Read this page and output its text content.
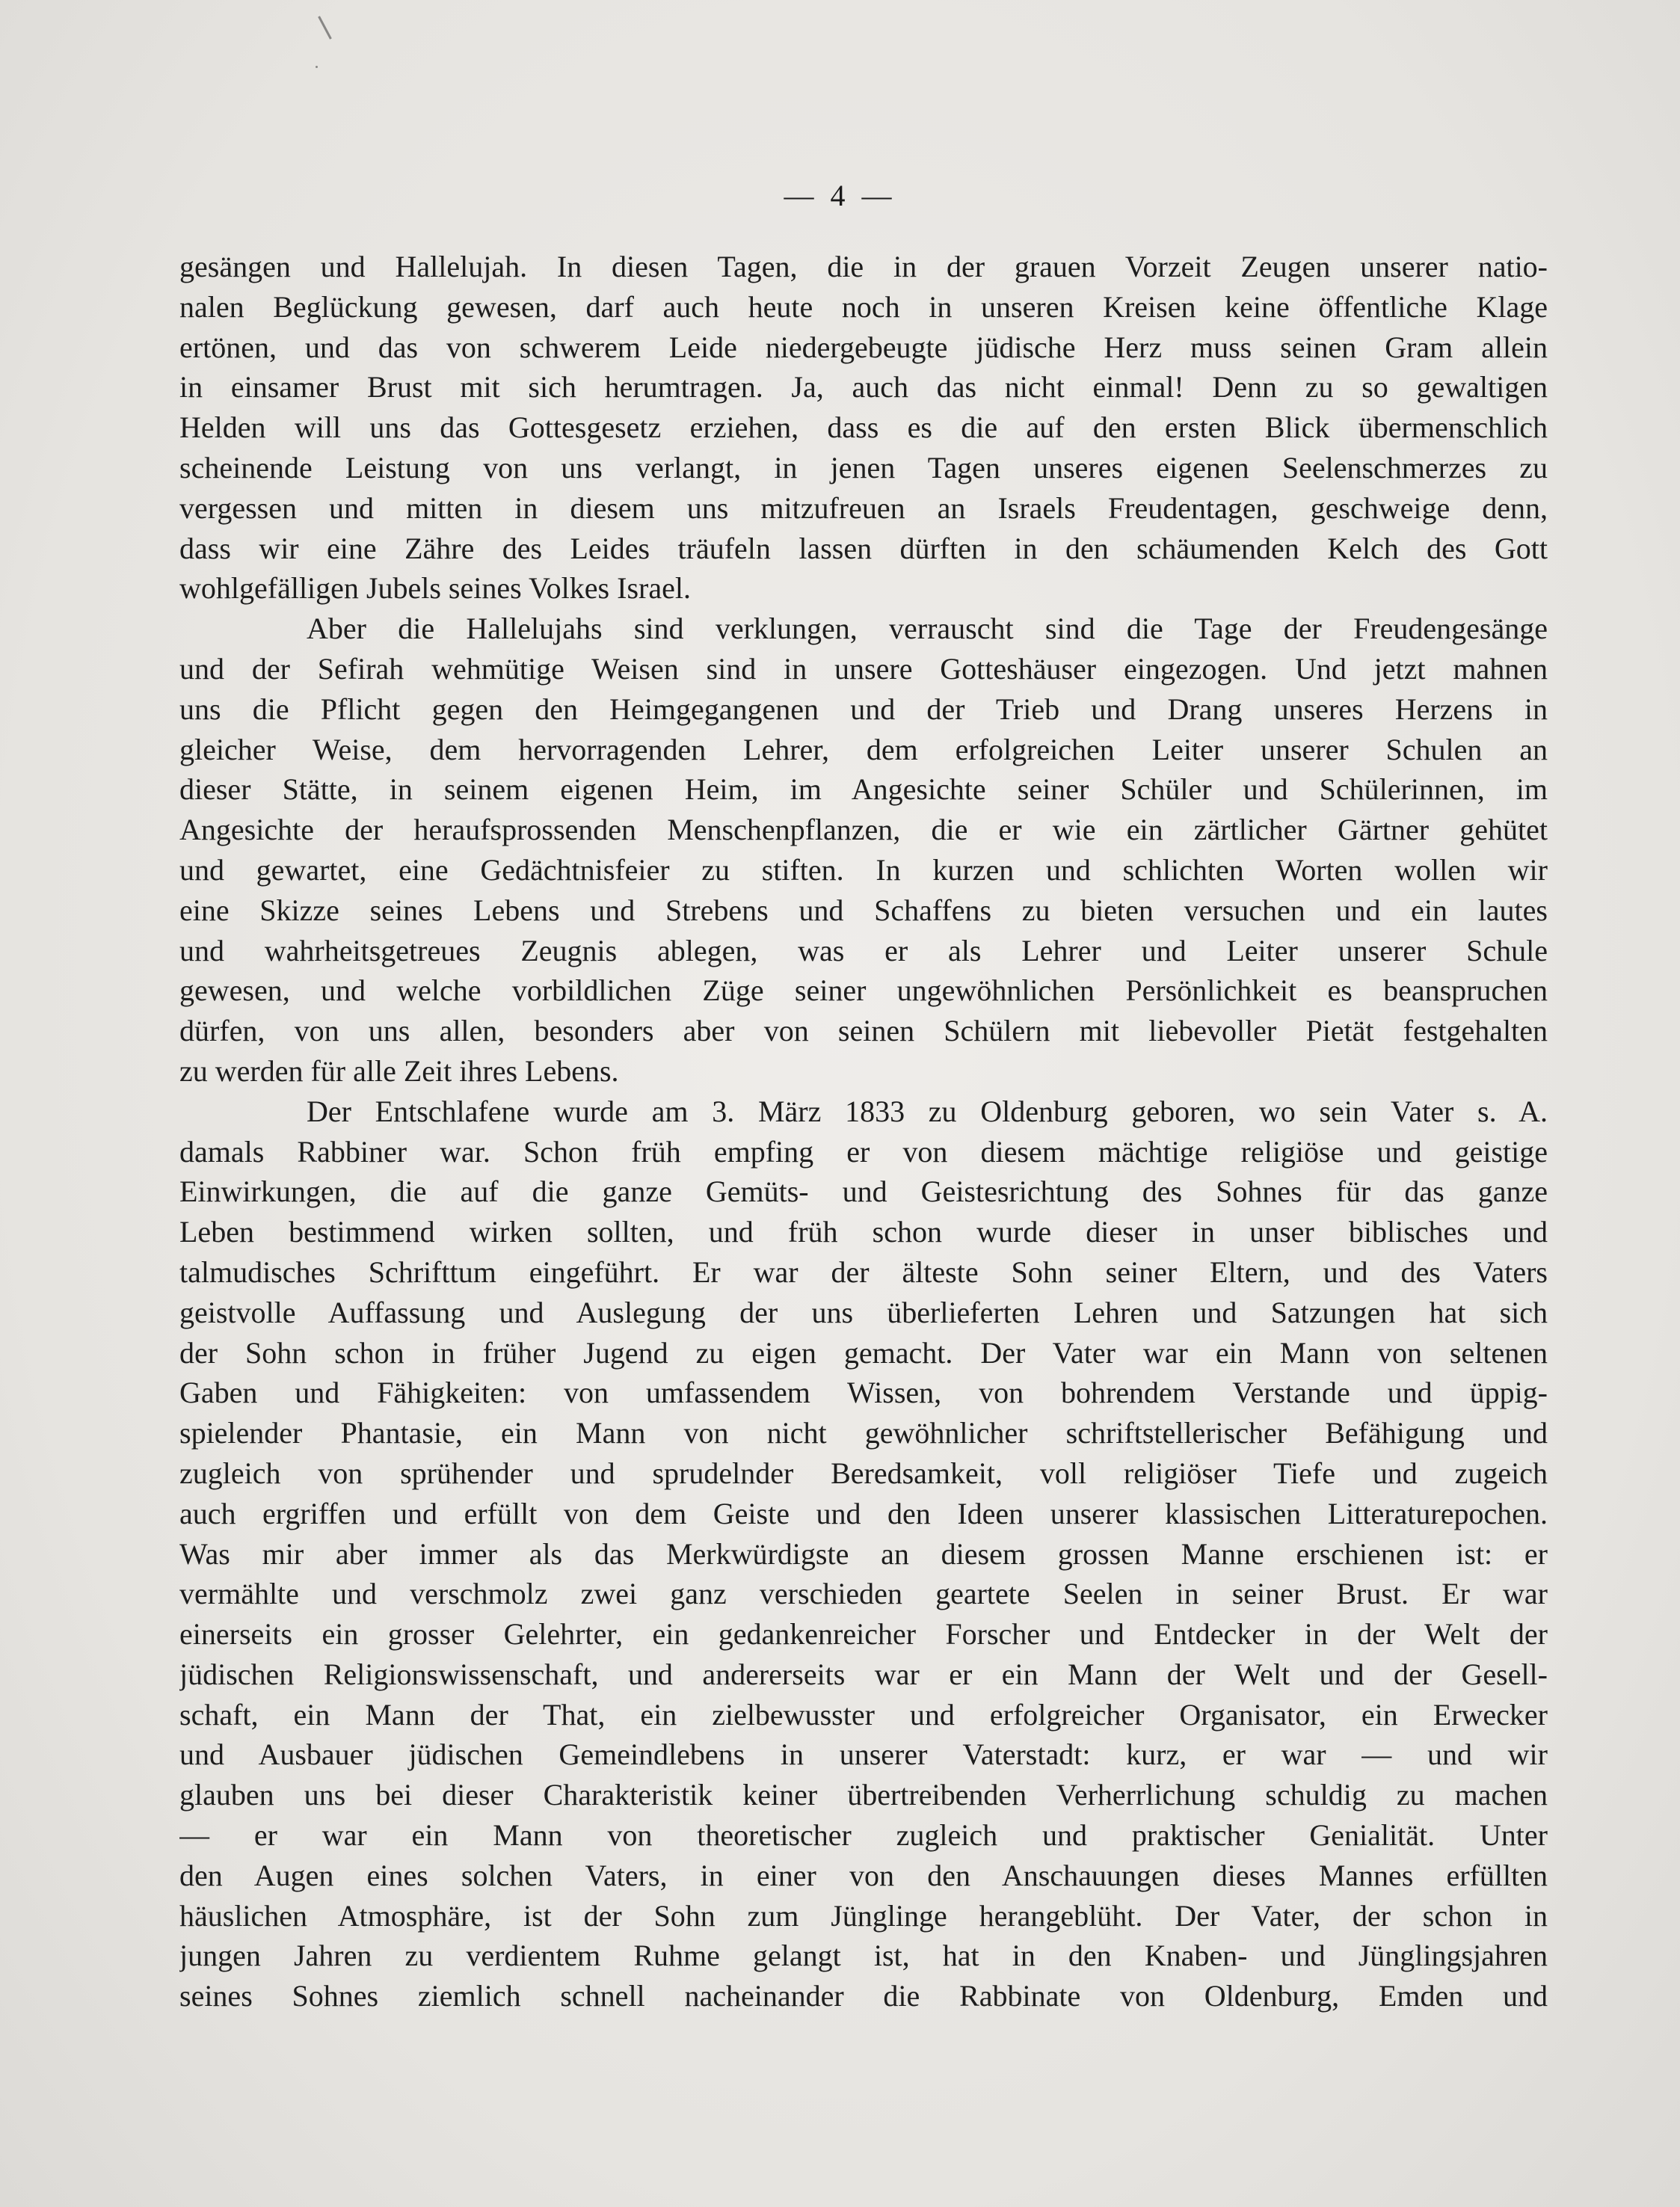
— 4 —
gesängen und Hallelujah. In diesen Tagen, die in der grauen Vorzeit Zeugen unserer natio-
nalen Beglückung gewesen, darf auch heute noch in unseren Kreisen keine öffentliche Klage
ertönen, und das von schwerem Leide niedergebeugte jüdische Herz muss seinen Gram allein
in einsamer Brust mit sich herumtragen. Ja, auch das nicht einmal! Denn zu so gewaltigen
Helden will uns das Gottesgesetz erziehen, dass es die auf den ersten Blick übermenschlich
scheinende Leistung von uns verlangt, in jenen Tagen unseres eigenen Seelenschmerzes zu
vergessen und mitten in diesem uns mitzufreuen an Israels Freudentagen, geschweige denn,
dass wir eine Zähre des Leides träufeln lassen dürften in den schäumenden Kelch des Gott
wohlgefälligen Jubels seines Volkes Israel.
Aber die Hallelujahs sind verklungen, verrauscht sind die Tage der Freudengesänge
und der Sefirah wehmütige Weisen sind in unsere Gotteshäuser eingezogen. Und jetzt mahnen
uns die Pflicht gegen den Heimgegangenen und der Trieb und Drang unseres Herzens in
gleicher Weise, dem hervorragenden Lehrer, dem erfolgreichen Leiter unserer Schulen an
dieser Stätte, in seinem eigenen Heim, im Angesichte seiner Schüler und Schülerinnen, im
Angesichte der heraufsprossenden Menschenpflanzen, die er wie ein zärtlicher Gärtner gehütet
und gewartet, eine Gedächtnisfeier zu stiften. In kurzen und schlichten Worten wollen wir
eine Skizze seines Lebens und Strebens und Schaffens zu bieten versuchen und ein lautes
und wahrheitsgetreues Zeugnis ablegen, was er als Lehrer und Leiter unserer Schule
gewesen, und welche vorbildlichen Züge seiner ungewöhnlichen Persönlichkeit es beanspruchen
dürfen, von uns allen, besonders aber von seinen Schülern mit liebevoller Pietät festgehalten
zu werden für alle Zeit ihres Lebens.
Der Entschlafene wurde am 3. März 1833 zu Oldenburg geboren, wo sein Vater s. A.
damals Rabbiner war. Schon früh empfing er von diesem mächtige religiöse und geistige
Einwirkungen, die auf die ganze Gemüts- und Geistesrichtung des Sohnes für das ganze
Leben bestimmend wirken sollten, und früh schon wurde dieser in unser biblisches und
talmudisches Schrifttum eingeführt. Er war der älteste Sohn seiner Eltern, und des Vaters
geistvolle Auffassung und Auslegung der uns überlieferten Lehren und Satzungen hat sich
der Sohn schon in früher Jugend zu eigen gemacht. Der Vater war ein Mann von seltenen
Gaben und Fähigkeiten: von umfassendem Wissen, von bohrendem Verstande und üppig-
spielender Phantasie, ein Mann von nicht gewöhnlicher schriftstellerischer Befähigung und
zugleich von sprühender und sprudelnder Beredsamkeit, voll religiöser Tiefe und zugeich
auch ergriffen und erfüllt von dem Geiste und den Ideen unserer klassischen Litteraturepochen.
Was mir aber immer als das Merkwürdigste an diesem grossen Manne erschienen ist: er
vermählte und verschmolz zwei ganz verschieden geartete Seelen in seiner Brust. Er war
einerseits ein grosser Gelehrter, ein gedankenreicher Forscher und Entdecker in der Welt der
jüdischen Religionswissenschaft, und andererseits war er ein Mann der Welt und der Gesell-
schaft, ein Mann der That, ein zielbewusster und erfolgreicher Organisator, ein Erwecker
und Ausbauer jüdischen Gemeindlebens in unserer Vaterstadt: kurz, er war — und wir
glauben uns bei dieser Charakteristik keiner übertreibenden Verherrlichung schuldig zu machen
— er war ein Mann von theoretischer zugleich und praktischer Genialität. Unter
den Augen eines solchen Vaters, in einer von den Anschauungen dieses Mannes erfüllten
häuslichen Atmosphäre, ist der Sohn zum Jünglinge herangeblüht. Der Vater, der schon in
jungen Jahren zu verdientem Ruhme gelangt ist, hat in den Knaben- und Jünglingsjahren
seines Sohnes ziemlich schnell nacheinander die Rabbinate von Oldenburg, Emden und
